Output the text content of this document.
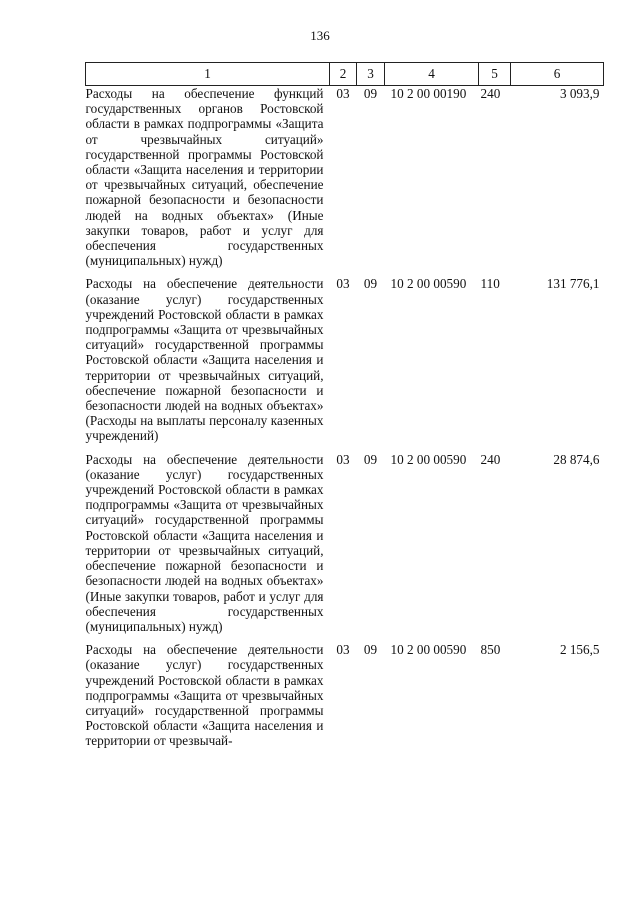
136
1	2	3	4	5	6
Расходы на обеспечение функций государственных органов Ростовской области в рамках подпрограммы «Защита от чрезвычайных ситуаций» государственной программы Ростовской области «Защита населения и территории от чрезвычайных ситуаций, обеспечение пожарной безопасности и безопасности людей на водных объектах» (Иные закупки товаров, работ и услуг для обеспечения государственных (муниципальных) нужд)	03	09	10 2 00 00190	240	3 093,9
Расходы на обеспечение деятельности (оказание услуг) государственных учреждений Ростовской области в рамках подпрограммы «Защита от чрезвычайных ситуаций» государственной программы Ростовской области «Защита населения и территории от чрезвычайных ситуаций, обеспечение пожарной безопасности и безопасности людей на водных объектах» (Расходы на выплаты персоналу казенных учреждений)	03	09	10 2 00 00590	110	131 776,1
Расходы на обеспечение деятельности (оказание услуг) государственных учреждений Ростовской области в рамках подпрограммы «Защита от чрезвычайных ситуаций» государственной программы Ростовской области «Защита населения и территории от чрезвычайных ситуаций, обеспечение пожарной безопасности и безопасности людей на водных объектах» (Иные закупки товаров, работ и услуг для обеспечения государственных (муниципальных) нужд)	03	09	10 2 00 00590	240	28 874,6
Расходы на обеспечение деятельности (оказание услуг) государственных учреждений Ростовской области в рамках подпрограммы «Защита от чрезвычайных ситуаций» государственной программы Ростовской области «Защита населения и территории от чрезвычай-	03	09	10 2 00 00590	850	2 156,5
